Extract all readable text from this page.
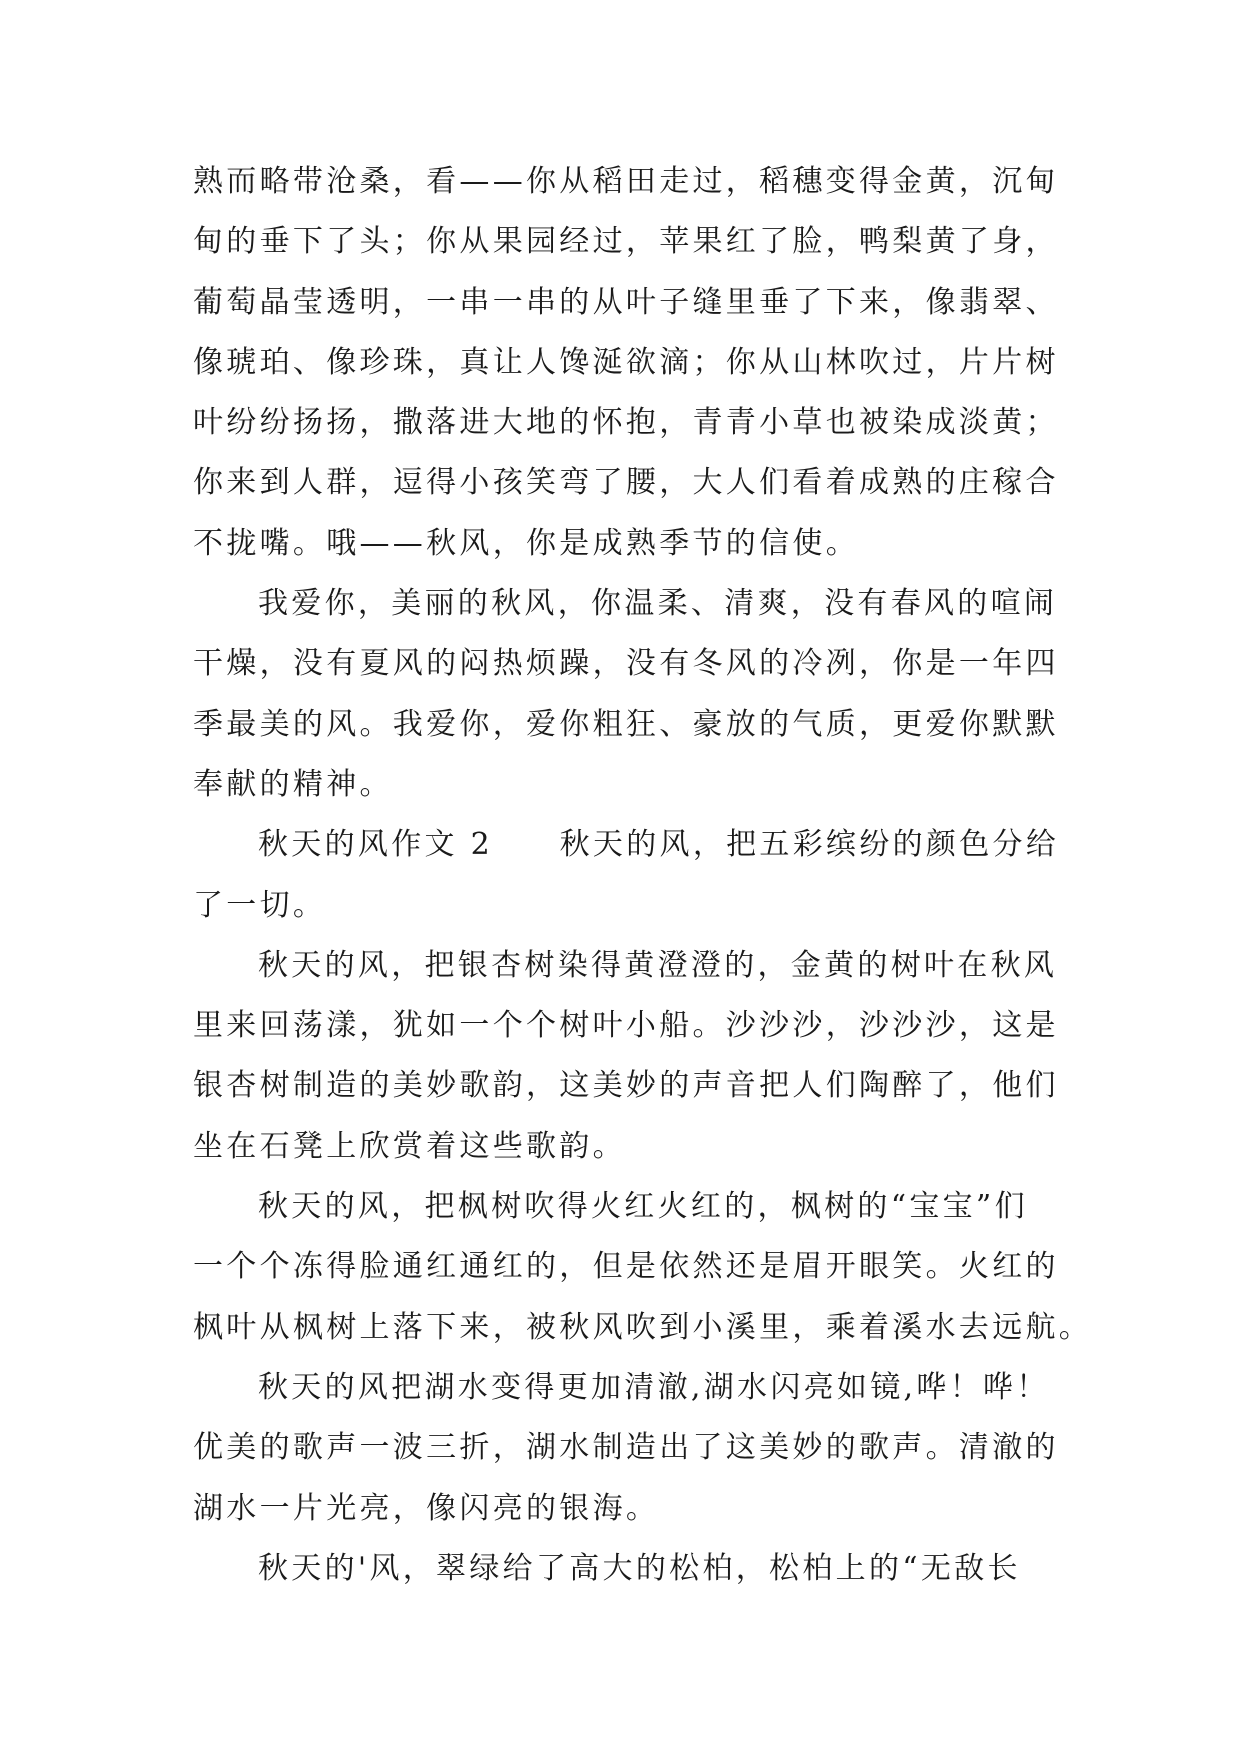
熟而略带沧桑，看——你从稻田走过，稻穗变得金黄，沉甸
甸的垂下了头；你从果园经过，苹果红了脸，鸭梨黄了身，
葡萄晶莹透明，一串一串的从叶子缝里垂了下来，像翡翠、
像琥珀、像珍珠，真让人馋涎欲滴；你从山林吹过，片片树
叶纷纷扬扬，撒落进大地的怀抱，青青小草也被染成淡黄；
你来到人群，逗得小孩笑弯了腰，大人们看着成熟的庄稼合
不拢嘴。哦——秋风，你是成熟季节的信使。
我爱你，美丽的秋风，你温柔、清爽，没有春风的喧闹
干燥，没有夏风的闷热烦躁，没有冬风的冷冽，你是一年四
季最美的风。我爱你，爱你粗狂、豪放的气质，更爱你默默
奉献的精神。
秋天的风作文 2　　秋天的风，把五彩缤纷的颜色分给
了一切。
秋天的风，把银杏树染得黄澄澄的，金黄的树叶在秋风
里来回荡漾，犹如一个个树叶小船。沙沙沙，沙沙沙，这是
银杏树制造的美妙歌韵，这美妙的声音把人们陶醉了，他们
坐在石凳上欣赏着这些歌韵。
秋天的风，把枫树吹得火红火红的，枫树的“宝宝”们
一个个冻得脸通红通红的，但是依然还是眉开眼笑。火红的
枫叶从枫树上落下来，被秋风吹到小溪里，乘着溪水去远航。
秋天的风把湖水变得更加清澈,湖水闪亮如镜,哗！哗！
优美的歌声一波三折，湖水制造出了这美妙的歌声。清澈的
湖水一片光亮，像闪亮的银海。
秋天的'风，翠绿给了高大的松柏，松柏上的“无敌长
